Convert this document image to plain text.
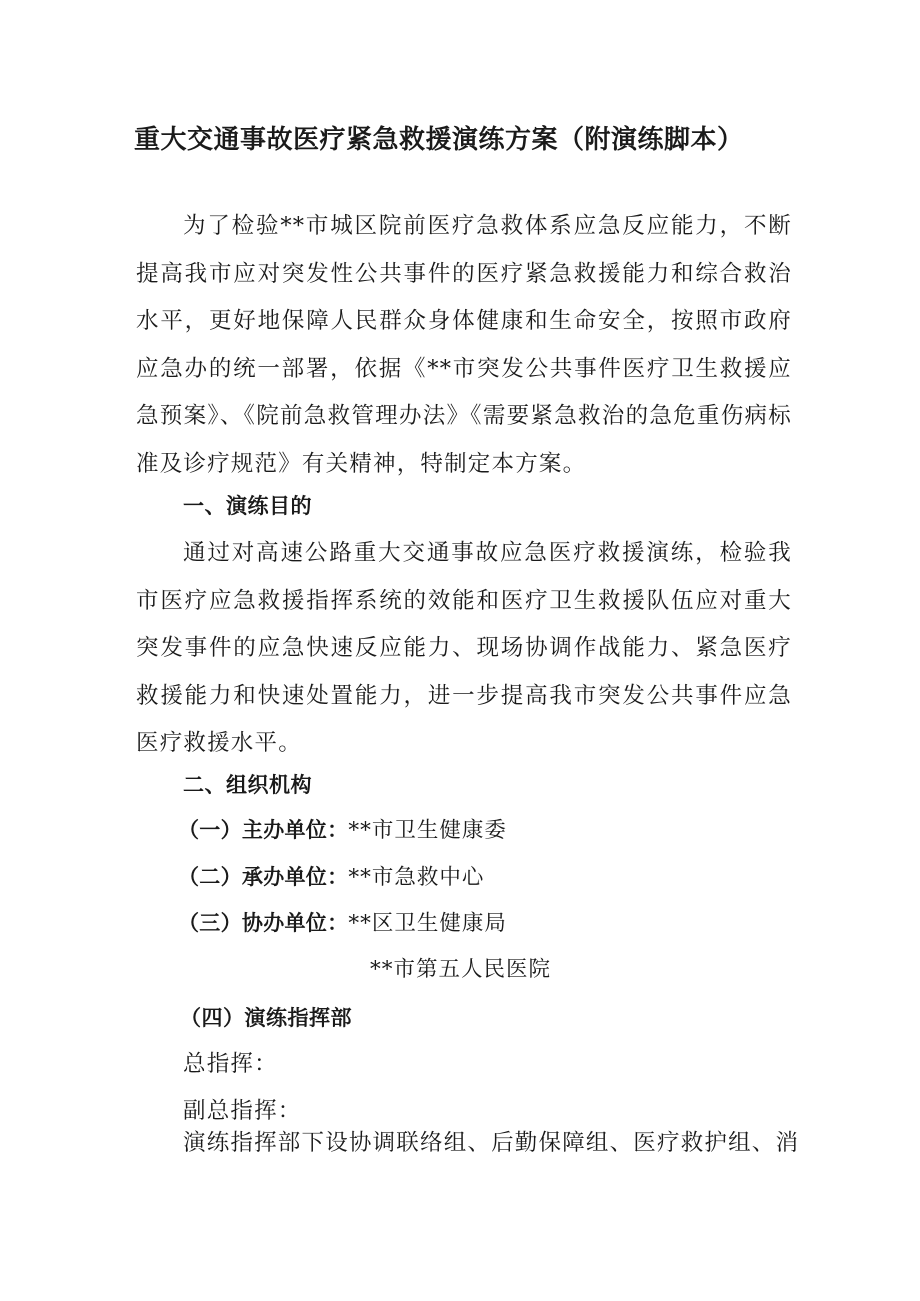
重大交通事故医疗紧急救援演练方案（附演练脚本）

为了检验**市城区院前医疗急救体系应急反应能力，不断提高我市应对突发性公共事件的医疗紧急救援能力和综合救治水平，更好地保障人民群众身体健康和生命安全，按照市政府应急办的统一部署，依据《**市突发公共事件医疗卫生救援应急预案》、《院前急救管理办法》《需要紧急救治的急危重伤病标准及诊疗规范》有关精神，特制定本方案。

一、演练目的

通过对高速公路重大交通事故应急医疗救援演练，检验我市医疗应急救援指挥系统的效能和医疗卫生救援队伍应对重大突发事件的应急快速反应能力、现场协调作战能力、紧急医疗救援能力和快速处置能力，进一步提高我市突发公共事件应急医疗救援水平。

二、组织机构
（一）主办单位：**市卫生健康委
（二）承办单位：**市急救中心
（三）协办单位：**区卫生健康局
**市第五人民医院
（四）演练指挥部
总指挥：
副总指挥：
演练指挥部下设协调联络组、后勤保障组、医疗救护组、消
